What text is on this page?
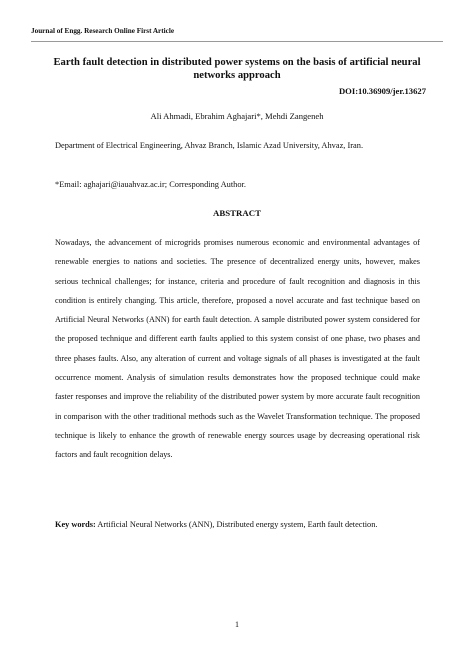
Journal of Engg. Research Online First Article
Earth fault detection in distributed power systems on the basis of artificial neural networks approach
DOI:10.36909/jer.13627
Ali Ahmadi, Ebrahim Aghajari*, Mehdi Zangeneh
Department of Electrical Engineering, Ahvaz Branch, Islamic Azad University, Ahvaz, Iran.
*Email: aghajari@iauahvaz.ac.ir; Corresponding Author.
ABSTRACT
Nowadays, the advancement of microgrids promises numerous economic and environmental advantages of renewable energies to nations and societies. The presence of decentralized energy units, however, makes serious technical challenges; for instance, criteria and procedure of fault recognition and diagnosis in this condition is entirely changing. This article, therefore, proposed a novel accurate and fast technique based on Artificial Neural Networks (ANN) for earth fault detection. A sample distributed power system considered for the proposed technique and different earth faults applied to this system consist of one phase, two phases and three phases faults. Also, any alteration of current and voltage signals of all phases is investigated at the fault occurrence moment. Analysis of simulation results demonstrates how the proposed technique could make faster responses and improve the reliability of the distributed power system by more accurate fault recognition in comparison with the other traditional methods such as the Wavelet Transformation technique. The proposed technique is likely to enhance the growth of renewable energy sources usage by decreasing operational risk factors and fault recognition delays.
Key words: Artificial Neural Networks (ANN), Distributed energy system, Earth fault detection.
1
